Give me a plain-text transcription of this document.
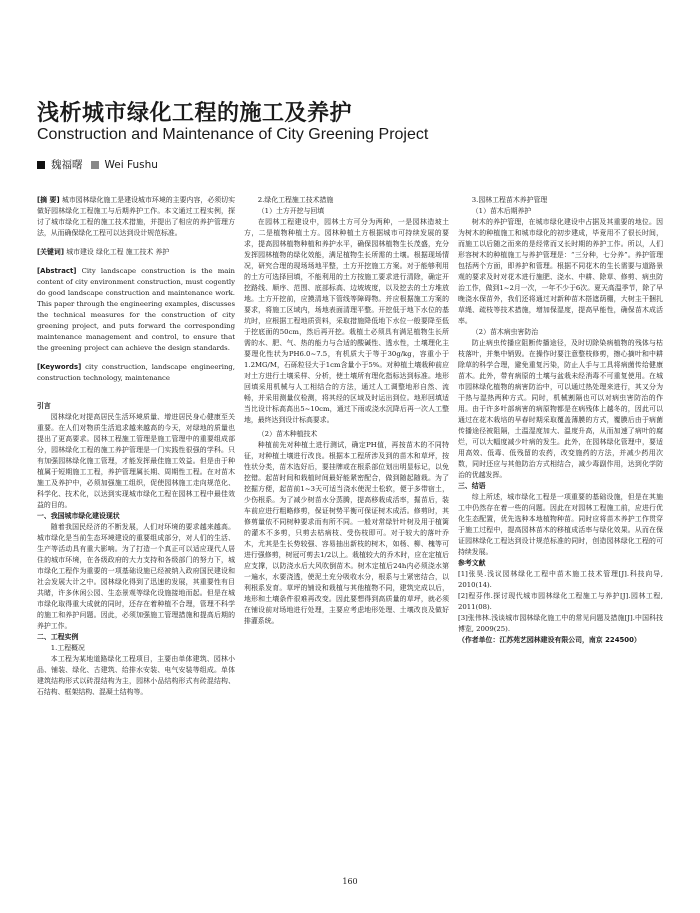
浅析城市绿化工程的施工及养护
Construction and Maintenance of City Greening Project
魏福曙 Wei Fushu

[摘 要] 城市园林绿化施工是建设城市环境的主要内容，必须切实做好园林绿化工程施工与后期养护工作。本文通过工程实例，探讨了城市绿化工程的施工技术措施，并提出了相应的养护管理方法，从而确保绿化工程可以达到设计规范标准。

[关键词] 城市建设 绿化工程 施工技术 养护

[Abstract] City landscape construction is the main content of city environment construction, must cogently do good landscape construction and maintenance work. This paper through the engineering examples, discusses the technical measures for the construction of city greening project, and puts forward the corresponding maintenance management and control, to ensure that the greening project can achieve the design standards.

[Keywords] city construction, landscape engineering, construction technology, maintenance

引言

园林绿化对提高居民生活环境质量、增进居民身心健康至关重要。在人们对物质生活追求越来越高的今天，对绿地的质量也提出了更高要求。园林工程施工管理是施工管理中的重要组成部分，园林绿化工程的施工养护管理是一门实践性很强的学科。只有加强园林绿化施工管理，才能发挥最佳施工效益。但是由于种植属于短期施工工程，养护管理属长期、周期性工程。在对苗木施工及养护中，必须加强施工组织，促使园林施工走向规范化、科学化、技术化，以达到实现城市绿化工程在园林工程中最佳效益的目的。

一、我国城市绿化建设现状

随着我国民经济的不断发展，人们对环境的要求越来越高。城市绿化是当前生态环境建设的重要组成部分，对人们的生活、生产等活动具有重大影响。为了打造一个真正可以适应现代人居住的城市环境，在各级政府的大力支持和各级部门的努力下，城市绿化工程作为重要的一项基础设施已经被纳入政府国民建设和社会发展大计之中。园林绿化得到了迅速的发展，其重要性有目共睹，许多休闲公园、生态景观等绿化设施接地而起。但是在城市绿化取得重大成就的同时，还存在着种植不合理，管理不科学的施工和养护问题。因此，必须加强施工管理措施和提高后期的养护工作。

二、工程实例

1.工程概况

本工程为某地道路绿化工程项目，主要由单体建筑、园林小品、铺装、绿化、古建筑、给排水安装、电气安装等组成。单体建筑结构形式以砖混结构为主，园林小品结构形式有砖混结构、石结构、框架结构、混凝土结构等。

2.绿化工程施工技术措施

（1）土方开挖与回填

在园林工程建设中，园林土方可分为两种，一是园林造坡土方，二是植物种植土方。园林种植土方根据城市可持续发展的要求，提高园林植物种植和养护水平，确保园林植物生长茂盛，充分发挥园林植物的绿化效能，满足植物生长所需的土壤。根据现场情况，研究合理的现场场地平整，土方开挖施工方案。对于能够利用的土方可选择回填，不能利用的土方按施工要求进行清除，确定开挖路线、顺序、范围、底部标高、边坡坡度，以及挖去的土方堆放地。土方开挖前，应摸清地下管线等障碍物。并应根据施工方案的要求，将施工区域内，场地表面清理平整。开挖低于地下水位的基坑时，应根据工程地质资料，采取措施降低地下水位一般要降至低于挖底面的50cm，然后再开挖。栽植土必须具有满足植物生长所需的水、肥、气、热的能力与合适的酸碱性、透水性，土壤理化主要理化性状为PH6.0~7.5，有机质大于等于30g/kg，容重小于1.2MG/M，石砾粒径大于1cm含量小于5%。对种植土壤栽种前应对土方进行土壤采样、分析，使土壤所有理化指标达到标准。地形回填采用机械与人工相结合的方法，通过人工调整地形自然、流畅，并采用测量仪检测，将其经的区域及时运出到位。地形回填适当比设计标高高出5~10cm，通过下雨或浇水沉降后再一次人工整地，最终达到设计标高要求。

（2）苗木种植技术

种植前先对种植土进行测试，确定PH值，再按苗木的不同特征，对种植土壤进行改良。根据本工程所涉及到的苗木和草坪，按性状分类，苗木选好后，要挂牌或在根系部位划出明显标记，以免挖错。起苗时间和栽植时间最好能紧密配合，做到随起随栽。为了挖掘方便，起苗前1~3天可适当浇水使泥土松软，便于多带宿土，少伤根系。为了减少树苗水分蒸腾，提高移栽成活率，掘苗后，装车前应进行粗略修剪，保证树势平衡可保证树木成活。修剪时，其修剪量依不同树种要求而有所不同。一般对常绿针叶树及用于植篱的灌木不多剪，只剪去枯病枝、受伤枝即可。对于较大的落叶乔木，尤其是生长势较强、容易抽出新枝的树木，如杨、柳、槐等可进行强修剪，树冠可剪去1/2以上。栽植较大的乔木时，应在定植后应支撑，以防浇水后大风吹倒苗木。树木定植后24h内必须浇水第一遍水，水要浇透，使泥土充分吸收水分，根系与土紧密结合，以利根系发育。草坪的铺设和栽植与其他植物不同，建筑完成以后，地形和土壤条件很难再改变。因此要想得到高质量的草坪，就必须在铺设前对场地进行处理，主要应考虑地形处理、土壤改良及做好排灌系统。

3.园林工程苗木养护管理

（1）苗木后期养护

树木的养护管理，在城市绿化建设中占据及其重要的地位。因为树木的种植施工和城市绿化的初步建成，毕竟用不了很长时间，而施工以后随之而来的是经常而又长时期的养护工作。所以，人们形容树木的种植施工与养护管理是：“三分种，七分养”。养护管理包括两个方面，即养护和管理。根据不同花木的生长需要与道路景观的要求及时对花木进行施肥、浇水、中耕、除草、修剪、病虫防治工作，做到1~2月一次，一年不少于6次。夏天高温季节，除了早晚浇水保苗外，我们还将通过对新种苗木搭遮荫棚，大树主干捆扎草绳、疏枝等技术措施，增加保湿度，提高早能性，确保苗木成活率。

（2）苗木病虫害防治

防止病虫传播应阻断传播途径，及时切除染病植物的残体与枯枝落叶，并集中销毁。在操作时要注意整枝修剪，擦心摘叶和中耕除草的科学合理，避免重复污染，防止人手与工具将病菌传给健康苗木。此外，带有病原的土壤与盆栽未经消毒不可重复使用。在城市园林绿化植物的病害防治中，可以通过热处理来进行，其又分为干热与湿热两种方式。同时，机械割隔也可以对病虫害防治的作用。由于许多叶部病害的病原物都是在病残体上越冬的，因此可以通过在花木栽培的早春时期采取覆盖薄膜的方式，覆膜后由于病菌传播途径被阻隔，土温湿度加大、温度升高，从而加速了病叶的腐烂，可以大幅度减少叶病的发生。此外，在园林绿化管理中，要适用高效、低毒、低残留的农药，改变施药的方法，并减少药用次数，同时还应与其他防治方式相结合，减少毒副作用，达到化学防治的优越发挥。

三、结语

综上所述，城市绿化工程是一项重要的基础设施，但是在其施工中仍然存在着一些的问题。因此在对园林工程施工前，应进行优化生态配置，优先选种本地植物种苗。同时应将苗木养护工作贯穿于施工过程中，提高园林苗木的移植成活率与绿化效果。从而在保证园林绿化工程达到设计规范标准的同时，创造园林绿化工程的可持续发展。

参考文献

[1]张昊.浅议园林绿化工程中苗木施工技术管理[J].科技向导, 2010(14).

[2]程芬伟.探讨现代城市园林绿化工程施工与养护[J].园林工程, 2011(08).

[3]张伟林.浅谈城市园林绿化施工中的常见问题及措施[J].中国科技博览, 2009(25).

（作者单位：江苏苑艺园林建设有限公司，南京 224500）

160
